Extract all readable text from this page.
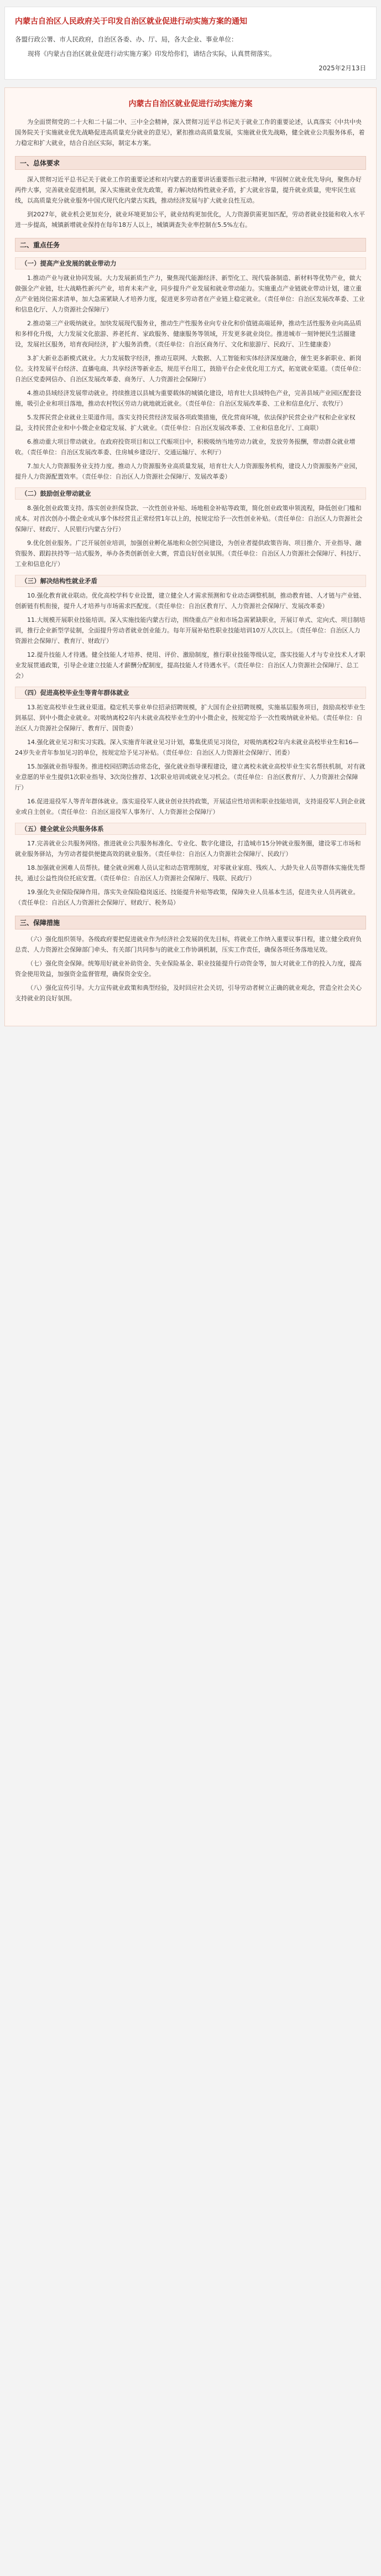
内蒙古自治区人民政府关于印发自治区就业促进行动实施方案的通知

各盟行政公署、市人民政府，自治区各委、办、厅、局，各大企业、事业单位：

现将《内蒙古自治区就业促进行动实施方案》印发给你们，请结合实际，认真贯彻落实。

2025年2月13日
内蒙古自治区就业促进行动实施方案

为全面贯彻党的二十大和二十届二中、三中全会精神，深入贯彻习近平总书记关于就业工作的重要论述，认真落实《中共中央国务院关于实施就业优先战略促进高质量充分就业的意见》，紧扣推动高质量发展，实施就业优先战略，健全就业公共服务体系，着力稳定和扩大就业，结合自治区实际，制定本方案。

一、总体要求

深入贯彻习近平总书记关于就业工作的重要论述和对内蒙古的重要讲话重要指示批示精神，牢固树立就业优先导向，聚焦办好两件大事，完善就业促进机制，深入实施就业优先政策，着力解决结构性就业矛盾，扩大就业容量，提升就业质量，兜牢民生底线，以高质量充分就业服务中国式现代化内蒙古实践，推动经济发展与扩大就业良性互动。

到2027年，就业机会更加充分，就业环境更加公平，就业结构更加优化，人力资源供需更加匹配，劳动者就业技能和收入水平进一步提高，城镇新增就业保持在每年18万人以上，城镇调查失业率控制在5.5%左右。

二、重点任务
（一）提高产业发展的就业带动力

1.推动产业与就业协同发展。大力发展新质生产力，聚焦现代能源经济、新型化工、现代装备制造、新材料等优势产业，做大做强全产业链，壮大战略性新兴产业，培育未来产业，同步提升产业发展和就业带动能力。实施重点产业链就业带动计划，建立重点产业链岗位需求清单，加大急需紧缺人才培养力度，促进更多劳动者在产业链上稳定就业。（责任单位：自治区发展改革委、工业和信息化厅、人力资源社会保障厅）

2.推动第三产业吸纳就业。加快发展现代服务业，推动生产性服务业向专业化和价值链高端延伸，推动生活性服务业向高品质和多样化升级，大力发展文化旅游、养老托育、家政服务、健康服务等领域，开发更多就业岗位。推进城市一刻钟便民生活圈建设，发展社区服务，培育夜间经济，扩大服务消费。（责任单位：自治区商务厅、文化和旅游厅、民政厅、卫生健康委）

3.扩大新业态新模式就业。大力发展数字经济，推动互联网、大数据、人工智能和实体经济深度融合，催生更多新职业、新岗位。支持发展平台经济、直播电商、共享经济等新业态，规范平台用工，鼓励平台企业优化用工方式，拓宽就业渠道。（责任单位：自治区党委网信办、自治区发展改革委、商务厅、人力资源社会保障厅）

4.推动县域经济发展带动就业。持续推进以县城为重要载体的城镇化建设，培育壮大县域特色产业，完善县域产业园区配套设施，吸引企业和项目落地，推动农村牧区劳动力就地就近就业。（责任单位：自治区发展改革委、工业和信息化厅、农牧厅）

5.发挥民营企业就业主渠道作用。落实支持民营经济发展各项政策措施，优化营商环境，依法保护民营企业产权和企业家权益，支持民营企业和中小微企业稳定发展、扩大就业。（责任单位：自治区发展改革委、工业和信息化厅、工商联）

6.推动重大项目带动就业。在政府投资项目和以工代赈项目中，积极吸纳当地劳动力就业，发放劳务报酬，带动群众就业增收。（责任单位：自治区发展改革委、住房城乡建设厅、交通运输厅、水利厅）

7.加大人力资源服务业支持力度。推动人力资源服务业高质量发展，培育壮大人力资源服务机构，建设人力资源服务产业园，提升人力资源配置效率。（责任单位：自治区人力资源社会保障厅、发展改革委）

（二）鼓励创业带动就业

8.强化创业政策支持。落实创业担保贷款、一次性创业补贴、场地租金补贴等政策，简化创业政策申领流程，降低创业门槛和成本。对首次创办小微企业或从事个体经营且正常经营1年以上的，按规定给予一次性创业补贴。（责任单位：自治区人力资源社会保障厅、财政厅、人民银行内蒙古分行）

9.优化创业服务。广泛开展创业培训，加强创业孵化基地和众创空间建设，为创业者提供政策咨询、项目推介、开业指导、融资服务、跟踪扶持等一站式服务，举办各类创新创业大赛，营造良好创业氛围。（责任单位：自治区人力资源社会保障厅、科技厅、工业和信息化厅）

（三）解决结构性就业矛盾

10.强化教育就业联动。优化高校学科专业设置，建立健全人才需求预测和专业动态调整机制，推动教育链、人才链与产业链、创新链有机衔接，提升人才培养与市场需求匹配度。（责任单位：自治区教育厅、人力资源社会保障厅、发展改革委）

11.大规模开展职业技能培训。深入实施技能内蒙古行动，围绕重点产业和市场急需紧缺职业，开展订单式、定向式、项目制培训，推行企业新型学徒制，全面提升劳动者就业创业能力。每年开展补贴性职业技能培训10万人次以上。（责任单位：自治区人力资源社会保障厅、教育厅、财政厅）

12.提升技能人才待遇。健全技能人才培养、使用、评价、激励制度，推行职业技能等级认定，落实技能人才与专业技术人才职业发展贯通政策，引导企业建立技能人才薪酬分配制度，提高技能人才待遇水平。（责任单位：自治区人力资源社会保障厅、总工会）

（四）促进高校毕业生等青年群体就业

13.拓宽高校毕业生就业渠道。稳定机关事业单位招录招聘规模，扩大国有企业招聘规模，实施基层服务项目，鼓励高校毕业生到基层、到中小微企业就业。对吸纳离校2年内未就业高校毕业生的中小微企业，按规定给予一次性吸纳就业补贴。（责任单位：自治区人力资源社会保障厅、教育厅、国资委）

14.强化就业见习和实习实践。深入实施青年就业见习计划，募集优质见习岗位，对吸纳离校2年内未就业高校毕业生和16—24岁失业青年参加见习的单位，按规定给予见习补贴。（责任单位：自治区人力资源社会保障厅、团委）

15.加强就业指导服务。推进校园招聘活动常态化，强化就业指导课程建设，建立离校未就业高校毕业生实名帮扶机制，对有就业意愿的毕业生提供1次职业指导、3次岗位推荐、1次职业培训或就业见习机会。（责任单位：自治区教育厅、人力资源社会保障厅）

16.促进退役军人等青年群体就业。落实退役军人就业创业扶持政策，开展适应性培训和职业技能培训，支持退役军人到企业就业或自主创业。（责任单位：自治区退役军人事务厅、人力资源社会保障厅）

（五）健全就业公共服务体系

17.完善就业公共服务网络。推进就业公共服务标准化、专业化、数字化建设，打造城市15分钟就业服务圈，建设零工市场和就业服务驿站，为劳动者提供便捷高效的就业服务。（责任单位：自治区人力资源社会保障厅、民政厅）

18.加强就业困难人员帮扶。健全就业困难人员认定和动态管理制度，对零就业家庭、残疾人、大龄失业人员等群体实施优先帮扶，通过公益性岗位托底安置。（责任单位：自治区人力资源社会保障厅、残联、民政厅）

19.强化失业保险保障作用。落实失业保险稳岗返还、技能提升补贴等政策，保障失业人员基本生活，促进失业人员再就业。（责任单位：自治区人力资源社会保障厅、财政厅、税务局）

三、保障措施

（六）强化组织领导。各级政府要把促进就业作为经济社会发展的优先目标，将就业工作纳入重要议事日程，建立健全政府负总责、人力资源社会保障部门牵头、有关部门共同参与的就业工作协调机制，压实工作责任，确保各项任务落地见效。

（七）强化资金保障。统筹用好就业补助资金、失业保险基金、职业技能提升行动资金等，加大对就业工作的投入力度，提高资金使用效益，加强资金监督管理，确保资金安全。

（八）强化宣传引导。大力宣传就业政策和典型经验，及时回应社会关切，引导劳动者树立正确的就业观念，营造全社会关心支持就业的良好氛围。
